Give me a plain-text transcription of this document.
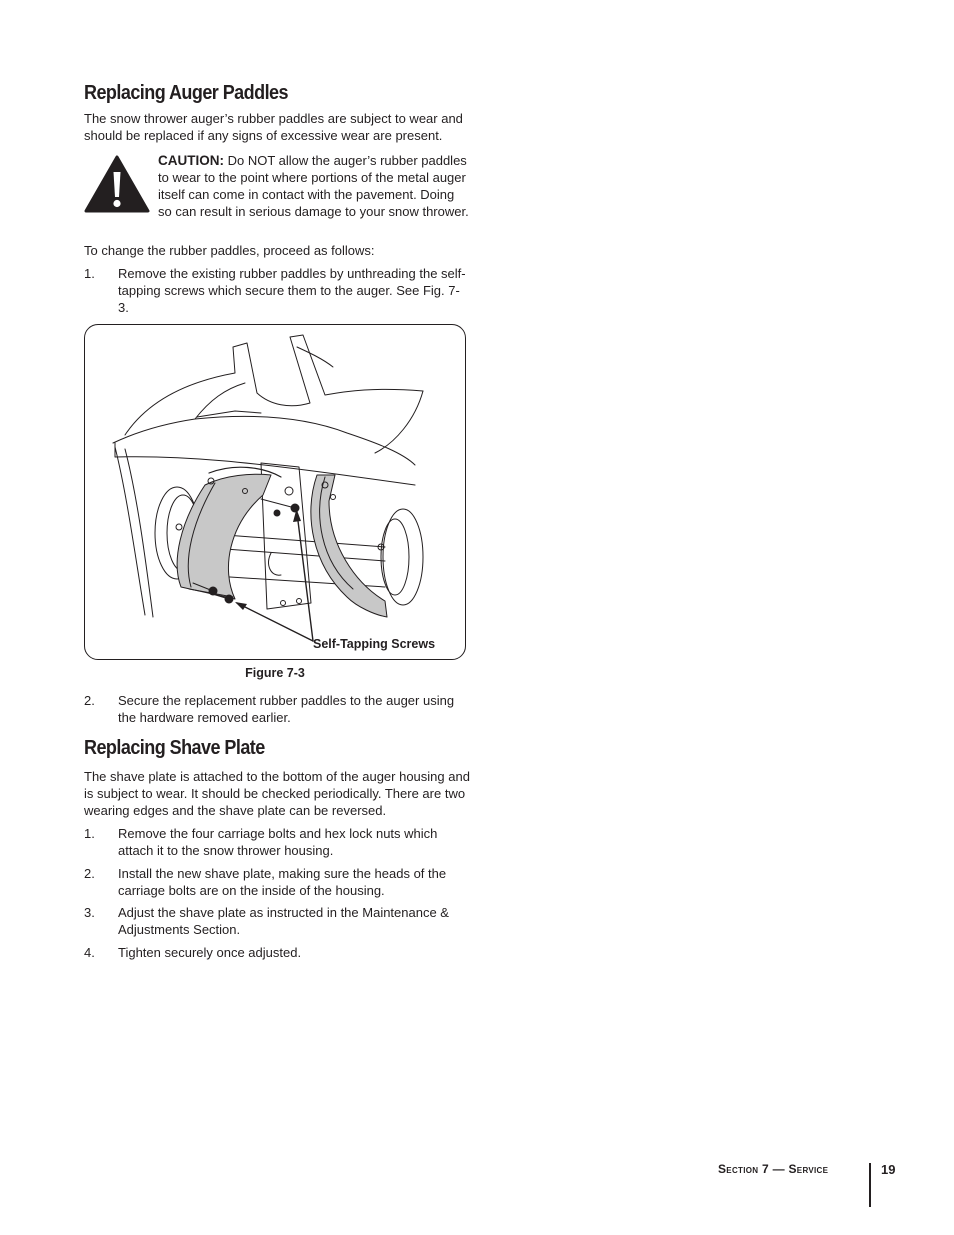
Replacing Auger Paddles

The snow thrower auger’s rubber paddles are subject to wear and should be replaced if any signs of excessive wear are present.

CAUTION: Do NOT allow the auger’s rubber paddles to wear to the point where portions of the metal auger itself can come in contact with the pavement. Doing so can result in serious damage to your snow thrower.

To change the rubber paddles, proceed as follows:

1. Remove the existing rubber paddles by unthreading the self-tapping screws which secure them to the auger. See Fig. 7-3.
Self-Tapping Screws
Figure 7-3
2. Secure the replacement rubber paddles to the auger using the hardware removed earlier.
Replacing Shave Plate

The shave plate is attached to the bottom of the auger housing and is subject to wear. It should be checked periodically. There are two wearing edges and the shave plate can be reversed.

1. Remove the four carriage bolts and hex lock nuts which attach it to the snow thrower housing.
2. Install the new shave plate, making sure the heads of the carriage bolts are on the inside of the housing.
3. Adjust the shave plate as instructed in the Maintenance & Adjustments Section.
4. Tighten securely once adjusted.
Section 7 — Service	19
